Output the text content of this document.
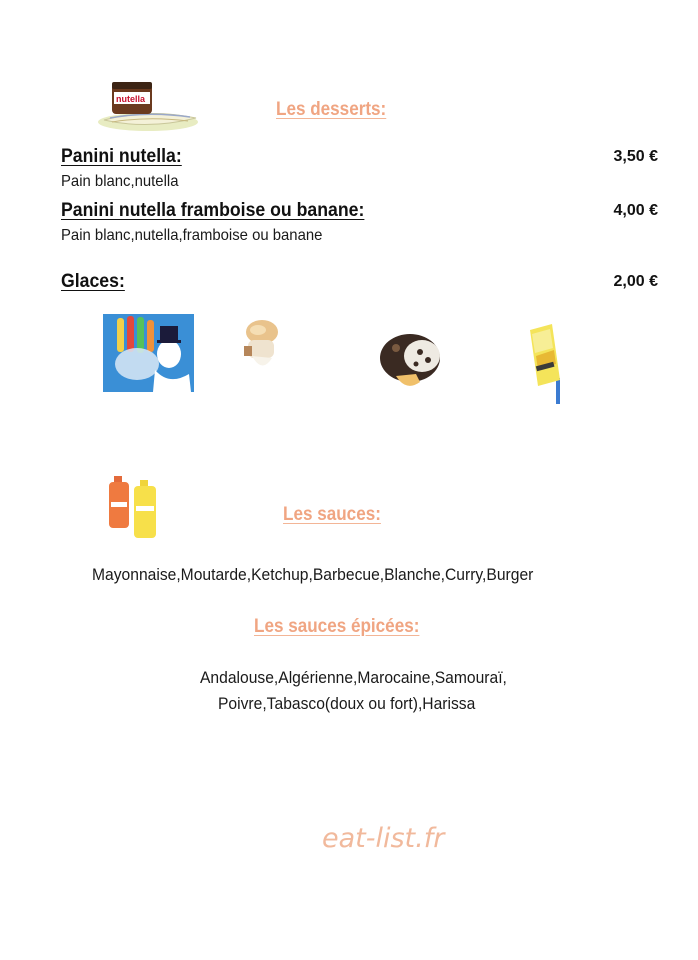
nutella	Les desserts:
Panini nutella:	3,50 €
Pain blanc,nutella
Panini nutella framboise ou banane:	4,00 €
Pain blanc,nutella,framboise ou banane
Glaces:	2,00 €
Les sauces:
Mayonnaise,Moutarde,Ketchup,Barbecue,Blanche,Curry,Burger
Les sauces épicées:
Andalouse,Algérienne,Marocaine,Samouraï,
Poivre,Tabasco(doux ou fort),Harissa
eat-list.fr
